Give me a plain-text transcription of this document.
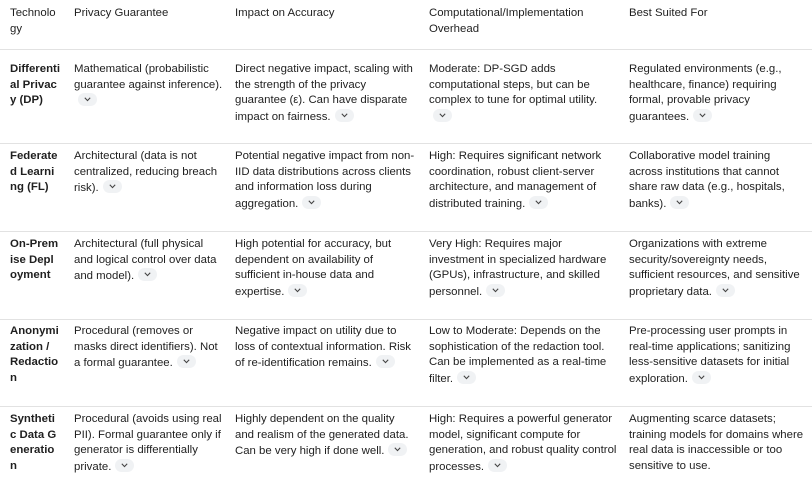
Technology
Privacy Guarantee	Impact on Accuracy	Computational/Implementation Overhead
Best Suited For
Differential Privacy (DP)
Mathematical (probabilistic guarantee against inference).
Direct negative impact, scaling with the strength of the privacy guarantee (ε). Can have disparate impact on fairness.
Moderate: DP-SGD adds computational steps, but can be complex to tune for optimal utility.
Regulated environments (e.g., healthcare, finance) requiring formal, provable privacy guarantees.
Federated Learning (FL)
Architectural (data is not centralized, reducing breach risk).
Potential negative impact from non-IID data distributions across clients and information loss during aggregation.
High: Requires significant network coordination, robust client-server architecture, and management of distributed training.
Collaborative model training across institutions that cannot share raw data (e.g., hospitals, banks).
On-Premise Deployment
Architectural (full physical and logical control over data and model).
High potential for accuracy, but dependent on availability of sufficient in-house data and expertise.
Very High: Requires major investment in specialized hardware (GPUs), infrastructure, and skilled personnel.
Organizations with extreme security/sovereignty needs, sufficient resources, and sensitive proprietary data.
Anonymization / Redaction
Procedural (removes or masks direct identifiers). Not a formal guarantee.
Negative impact on utility due to loss of contextual information. Risk of re-identification remains.
Low to Moderate: Depends on the sophistication of the redaction tool. Can be implemented as a real-time filter.
Pre-processing user prompts in real-time applications; sanitizing less-sensitive datasets for initial exploration.
Synthetic Data Generation
Procedural (avoids using real PII). Formal guarantee only if generator is differentially private.
Highly dependent on the quality and realism of the generated data. Can be very high if done well.
High: Requires a powerful generator model, significant compute for generation, and robust quality control processes.
Augmenting scarce datasets; training models for domains where real data is inaccessible or too sensitive to use.
